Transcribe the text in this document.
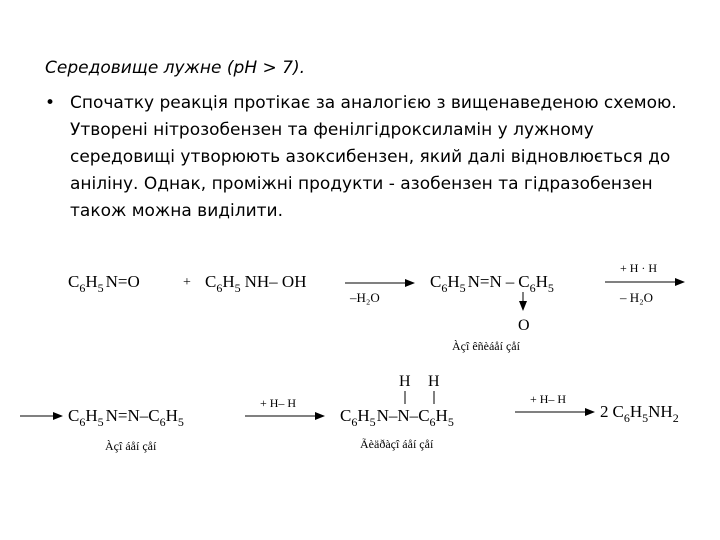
Середовище лужне (рН > 7).
• Спочатку реакція протікає за аналогією з вищенаведеною схемою. Утворені нітрозобензен та фенілгідроксиламін у лужному середовищі утворюють азоксибензен, який далі відновлюється до аніліну. Однак, проміжні продукти - азобензен та гідразобензен також можна виділити.
$C_6H_5$ N=O	+ $C_6H_5$ NH– OH
–H₂O
$C_6H_5$ $N=N - C_6H_5$
O
Àçî êñèáåí çåí
+ H · H
– H₂O
$C_6H_5$ $N=N-C_6H_5$
Àçî áåí çåí
+ H– H
H H
$C_6H_5N-N-C_6H_5$
Ãèäðàçî áåí çåí
+ H– H
2 $C_6H_5NH_2$
